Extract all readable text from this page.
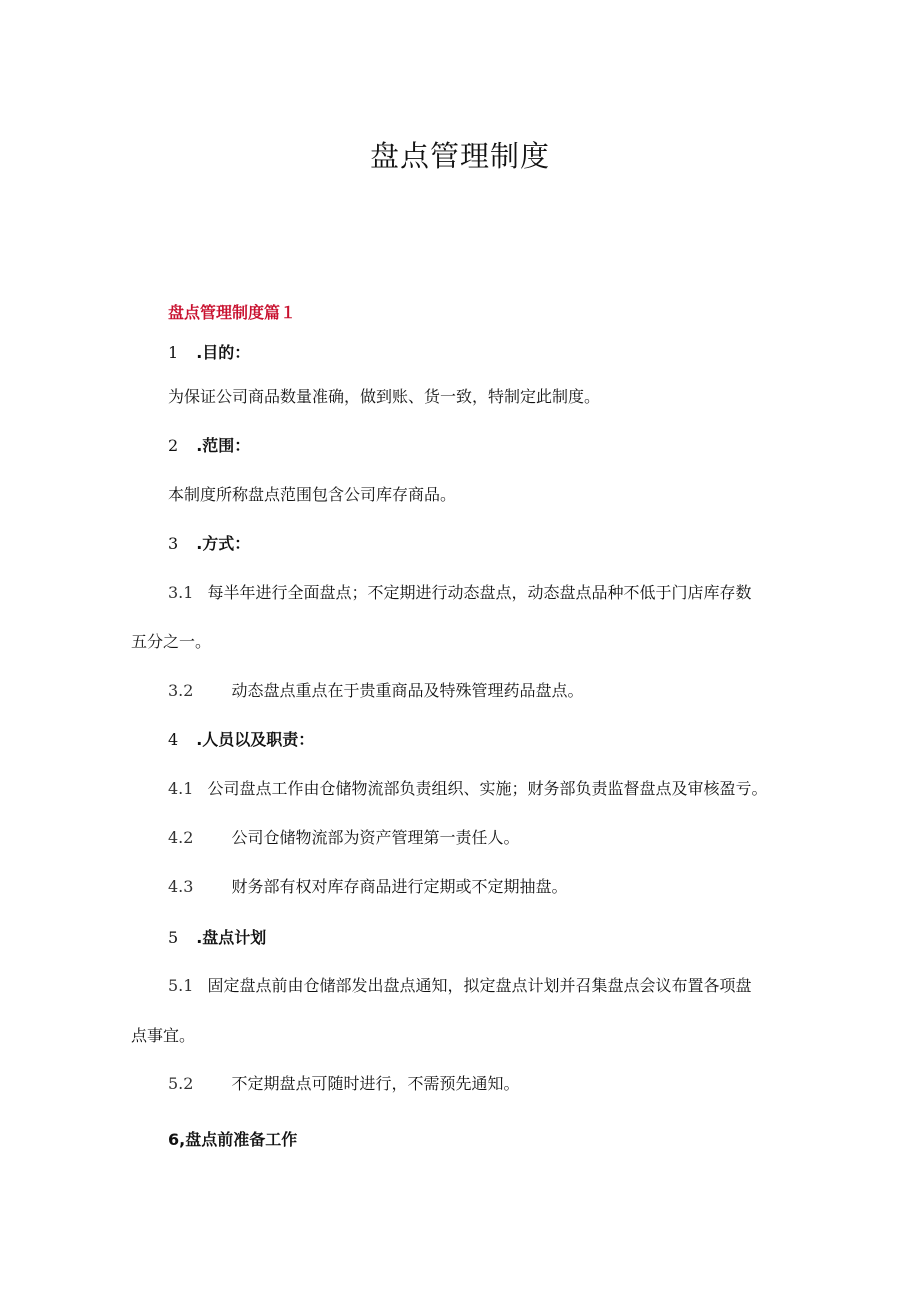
盘点管理制度

盘点管理制度篇１

1 .目的：

为保证公司商品数量准确，做到账、货一致，特制定此制度。

2 .范围：

本制度所称盘点范围包含公司库存商品。

3 .方式：

3.1 每半年进行全面盘点；不定期进行动态盘点，动态盘点品种不低于门店库存数

五分之一。

3.2 动态盘点重点在于贵重商品及特殊管理药品盘点。

4 .人员以及职责：

4.1 公司盘点工作由仓储物流部负责组织、实施；财务部负责监督盘点及审核盈亏。

4.2 公司仓储物流部为资产管理第一责任人。

4.3 财务部有权对库存商品进行定期或不定期抽盘。

5 .盘点计划

5.1 固定盘点前由仓储部发出盘点通知，拟定盘点计划并召集盘点会议布置各项盘

点事宜。

5.2 不定期盘点可随时进行，不需预先通知。

6,盘点前准备工作
